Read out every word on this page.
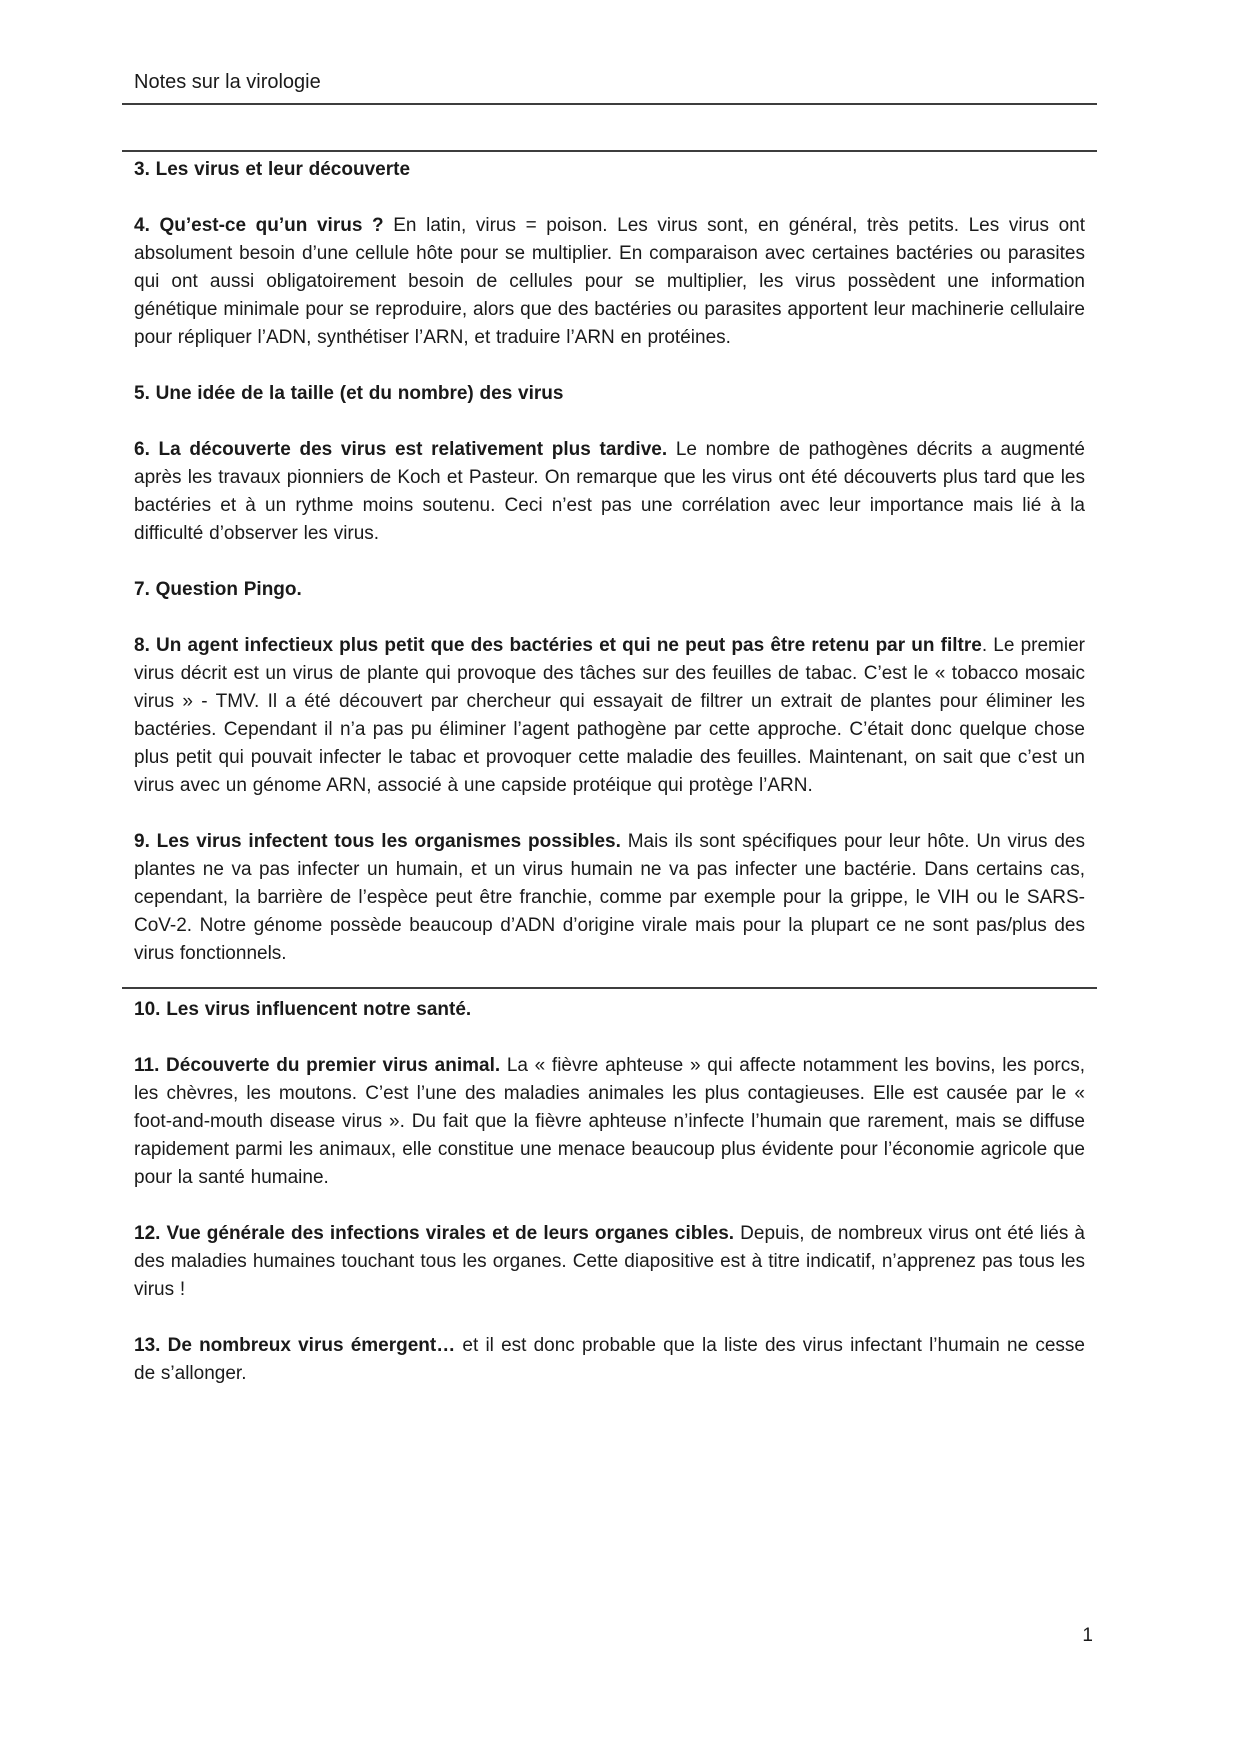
Notes sur la virologie

3. Les virus et leur découverte

4. Qu’est-ce qu’un virus ? En latin, virus = poison. Les virus sont, en général, très petits. Les virus ont absolument besoin d’une cellule hôte pour se multiplier. En comparaison avec certaines bactéries ou parasites qui ont aussi obligatoirement besoin de cellules pour se multiplier, les virus possèdent une information génétique minimale pour se reproduire, alors que des bactéries ou parasites apportent leur machinerie cellulaire pour répliquer l’ADN, synthétiser l’ARN, et traduire l’ARN en protéines.

5. Une idée de la taille (et du nombre) des virus

6. La découverte des virus est relativement plus tardive. Le nombre de pathogènes décrits a augmenté après les travaux pionniers de Koch et Pasteur. On remarque que les virus ont été découverts plus tard que les bactéries et à un rythme moins soutenu. Ceci n’est pas une corrélation avec leur importance mais lié à la difficulté d’observer les virus.

7. Question Pingo.

8. Un agent infectieux plus petit que des bactéries et qui ne peut pas être retenu par un filtre. Le premier virus décrit est un virus de plante qui provoque des tâches sur des feuilles de tabac. C’est le « tobacco mosaic virus » - TMV. Il a été découvert par chercheur qui essayait de filtrer un extrait de plantes pour éliminer les bactéries. Cependant il n’a pas pu éliminer l’agent pathogène par cette approche. C’était donc quelque chose plus petit qui pouvait infecter le tabac et provoquer cette maladie des feuilles. Maintenant, on sait que c’est un virus avec un génome ARN, associé à une capside protéique qui protège l’ARN.

9. Les virus infectent tous les organismes possibles. Mais ils sont spécifiques pour leur hôte. Un virus des plantes ne va pas infecter un humain, et un virus humain ne va pas infecter une bactérie. Dans certains cas, cependant, la barrière de l’espèce peut être franchie, comme par exemple pour la grippe, le VIH ou le SARS-CoV-2. Notre génome possède beaucoup d’ADN d’origine virale mais pour la plupart ce ne sont pas/plus des virus fonctionnels.

10. Les virus influencent notre santé.

11. Découverte du premier virus animal. La « fièvre aphteuse » qui affecte notamment les bovins, les porcs, les chèvres, les moutons. C’est l’une des maladies animales les plus contagieuses. Elle est causée par le « foot-and-mouth disease virus ». Du fait que la fièvre aphteuse n’infecte l’humain que rarement, mais se diffuse rapidement parmi les animaux, elle constitue une menace beaucoup plus évidente pour l’économie agricole que pour la santé humaine.

12. Vue générale des infections virales et de leurs organes cibles. Depuis, de nombreux virus ont été liés à des maladies humaines touchant tous les organes. Cette diapositive est à titre indicatif, n’apprenez pas tous les virus !

13. De nombreux virus émergent… et il est donc probable que la liste des virus infectant l’humain ne cesse de s’allonger.

1
